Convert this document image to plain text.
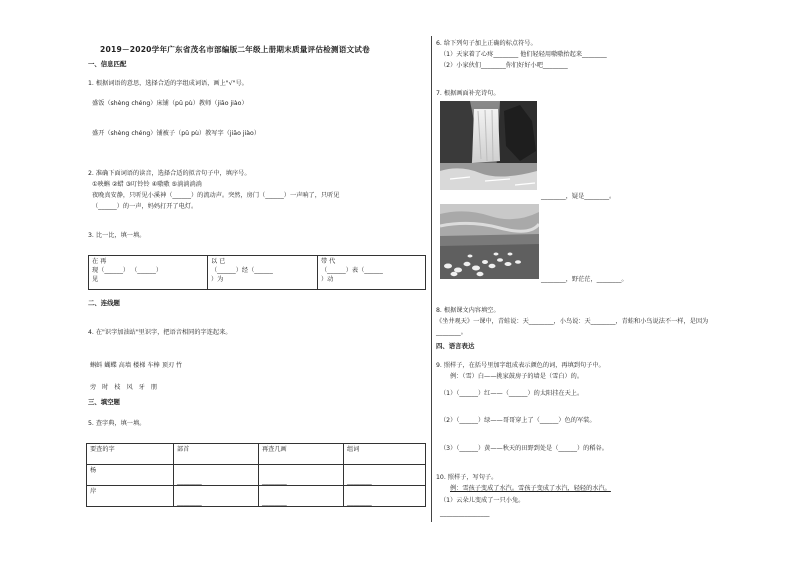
2019－2020学年广东省茂名市部编版二年级上册期末质量评估检测语文试卷
一、信息匹配
1. 根据词语的意思，选择合适的字组成词语，画上"√"号。
盛饭（shèng chéng）床铺（pū pù）教师（jiāo jiào）
盛开（shèng chéng）铺被子（pū pù）教写字（jiāo jiào）
2. 准确下面词语的读音，选择合适的拟音句子中，填序号。
①映蝌 ②蜡 ③叮铃铃 ④嗷嗷 ⑤淌淌淌淌
夜晚真安静，只听见小溪神（______）的流动声。突然，房门（______）一声响了，只听见
（______）的一声，妈妈打开了电灯。
3. 比一比，填一填。
在 再
现（______） （______）
见

以 已
（______）经（______
）为

带 代
（______）表（______
）动
二、连线题
4. 在"识字加油站"里识字，把语音相同的字连起来。
蝌蚪 蝴蝶 高墙 楼梯 车棒 顶刃 竹
旁 时 枝 风 牙 朋
三、填空题
5. 查字典，填一填。
要查的字	部首	再查几画	组词
杨	________	________	________
岸	________	________	________
6. 给下列句子加上正确的标点符号。
（1）天家着了心疼________ 他们轻轻用嗷嗷抬起来________
（2）小家伙们________你们好好小吧________
7. 根据画面补充诗句。
________，疑是________。
________，野茫茫，________。
8. 根据课文内容填空。
《坐井观天》一课中，青蛙说：天________，小鸟说：天________，青蛙和小鸟说法不一样，是因为
________。
四、语言表达
9. 照样子，在括号里加字组成表示颜色的词，再填到句子中。
例：（雪）白——挑家鼓房子的墙是（雪白）的。
（1）（______）红——（______）的太阳挂在天上。
（2）（______）绿——哥哥穿上了（______）色的军装。
（3）（______）黄——秋天的田野到处是（______）的稻谷。
10. 照样子，写句子。
例：雪孩子变成了水汽。雪孩子变成了水汽，轻轻的水汽。
（1）云朵儿变成了一只小兔。
________________
